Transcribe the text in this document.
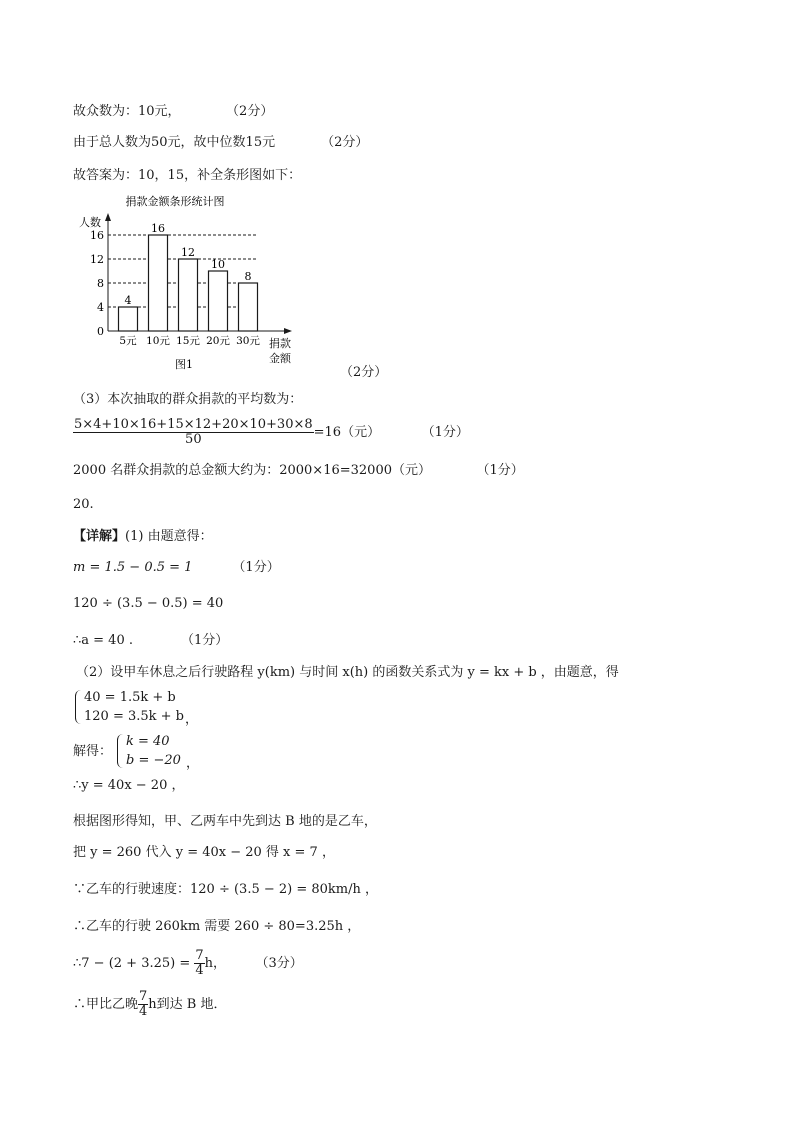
故众数为：10元，	（2分）
由于总人数为50元，故中位数15元	（2分）
故答案为：10，15，补全条形图如下：
捐款金额条形统计图
人数
0
4
8
12
16
4
5元
16
10元
12
15元
10
20元
8
30元 捐款
金额
图1
（2分）
（3）本次抽取的群众捐款的平均数为：
$\frac{5\times 4+10\times 16+15\times 12+20\times 10+30\times 8}{50} =16$（元）	（1分）
2000 名群众捐款的总金额大约为：2000×16=32000（元）	（1分）
20.
【详解】(1) 由题意得：
m = 1.5 − 0.5 = 1	（1分）
120 ÷ (3.5 − 0.5) = 40
∴a = 40 .	（1分）
（2）设甲车休息之后行驶路程 y(km) 与时间 x(h) 的函数关系式为 y = kx + b ，由题意，得
40 = 1.5k + b
120 = 3.5k + b ，
解得：
k = 40
b = −20 ，
∴y = 40x − 20 ，
根据图形得知，甲、乙两车中先到达 B 地的是乙车，
把 y = 260 代入 y = 40x − 20 得 x = 7 ，
∵乙车的行驶速度：120 ÷ (3.5 − 2) = 80km/h ，
∴乙车的行驶 260km 需要 260 ÷ 80=3.25h ，
∴7 − $(2 + 3.25) = \frac{7}{4}$ h，	（3分）
∴甲比乙晚 $\frac{7}{4}$ h到达 B 地．
